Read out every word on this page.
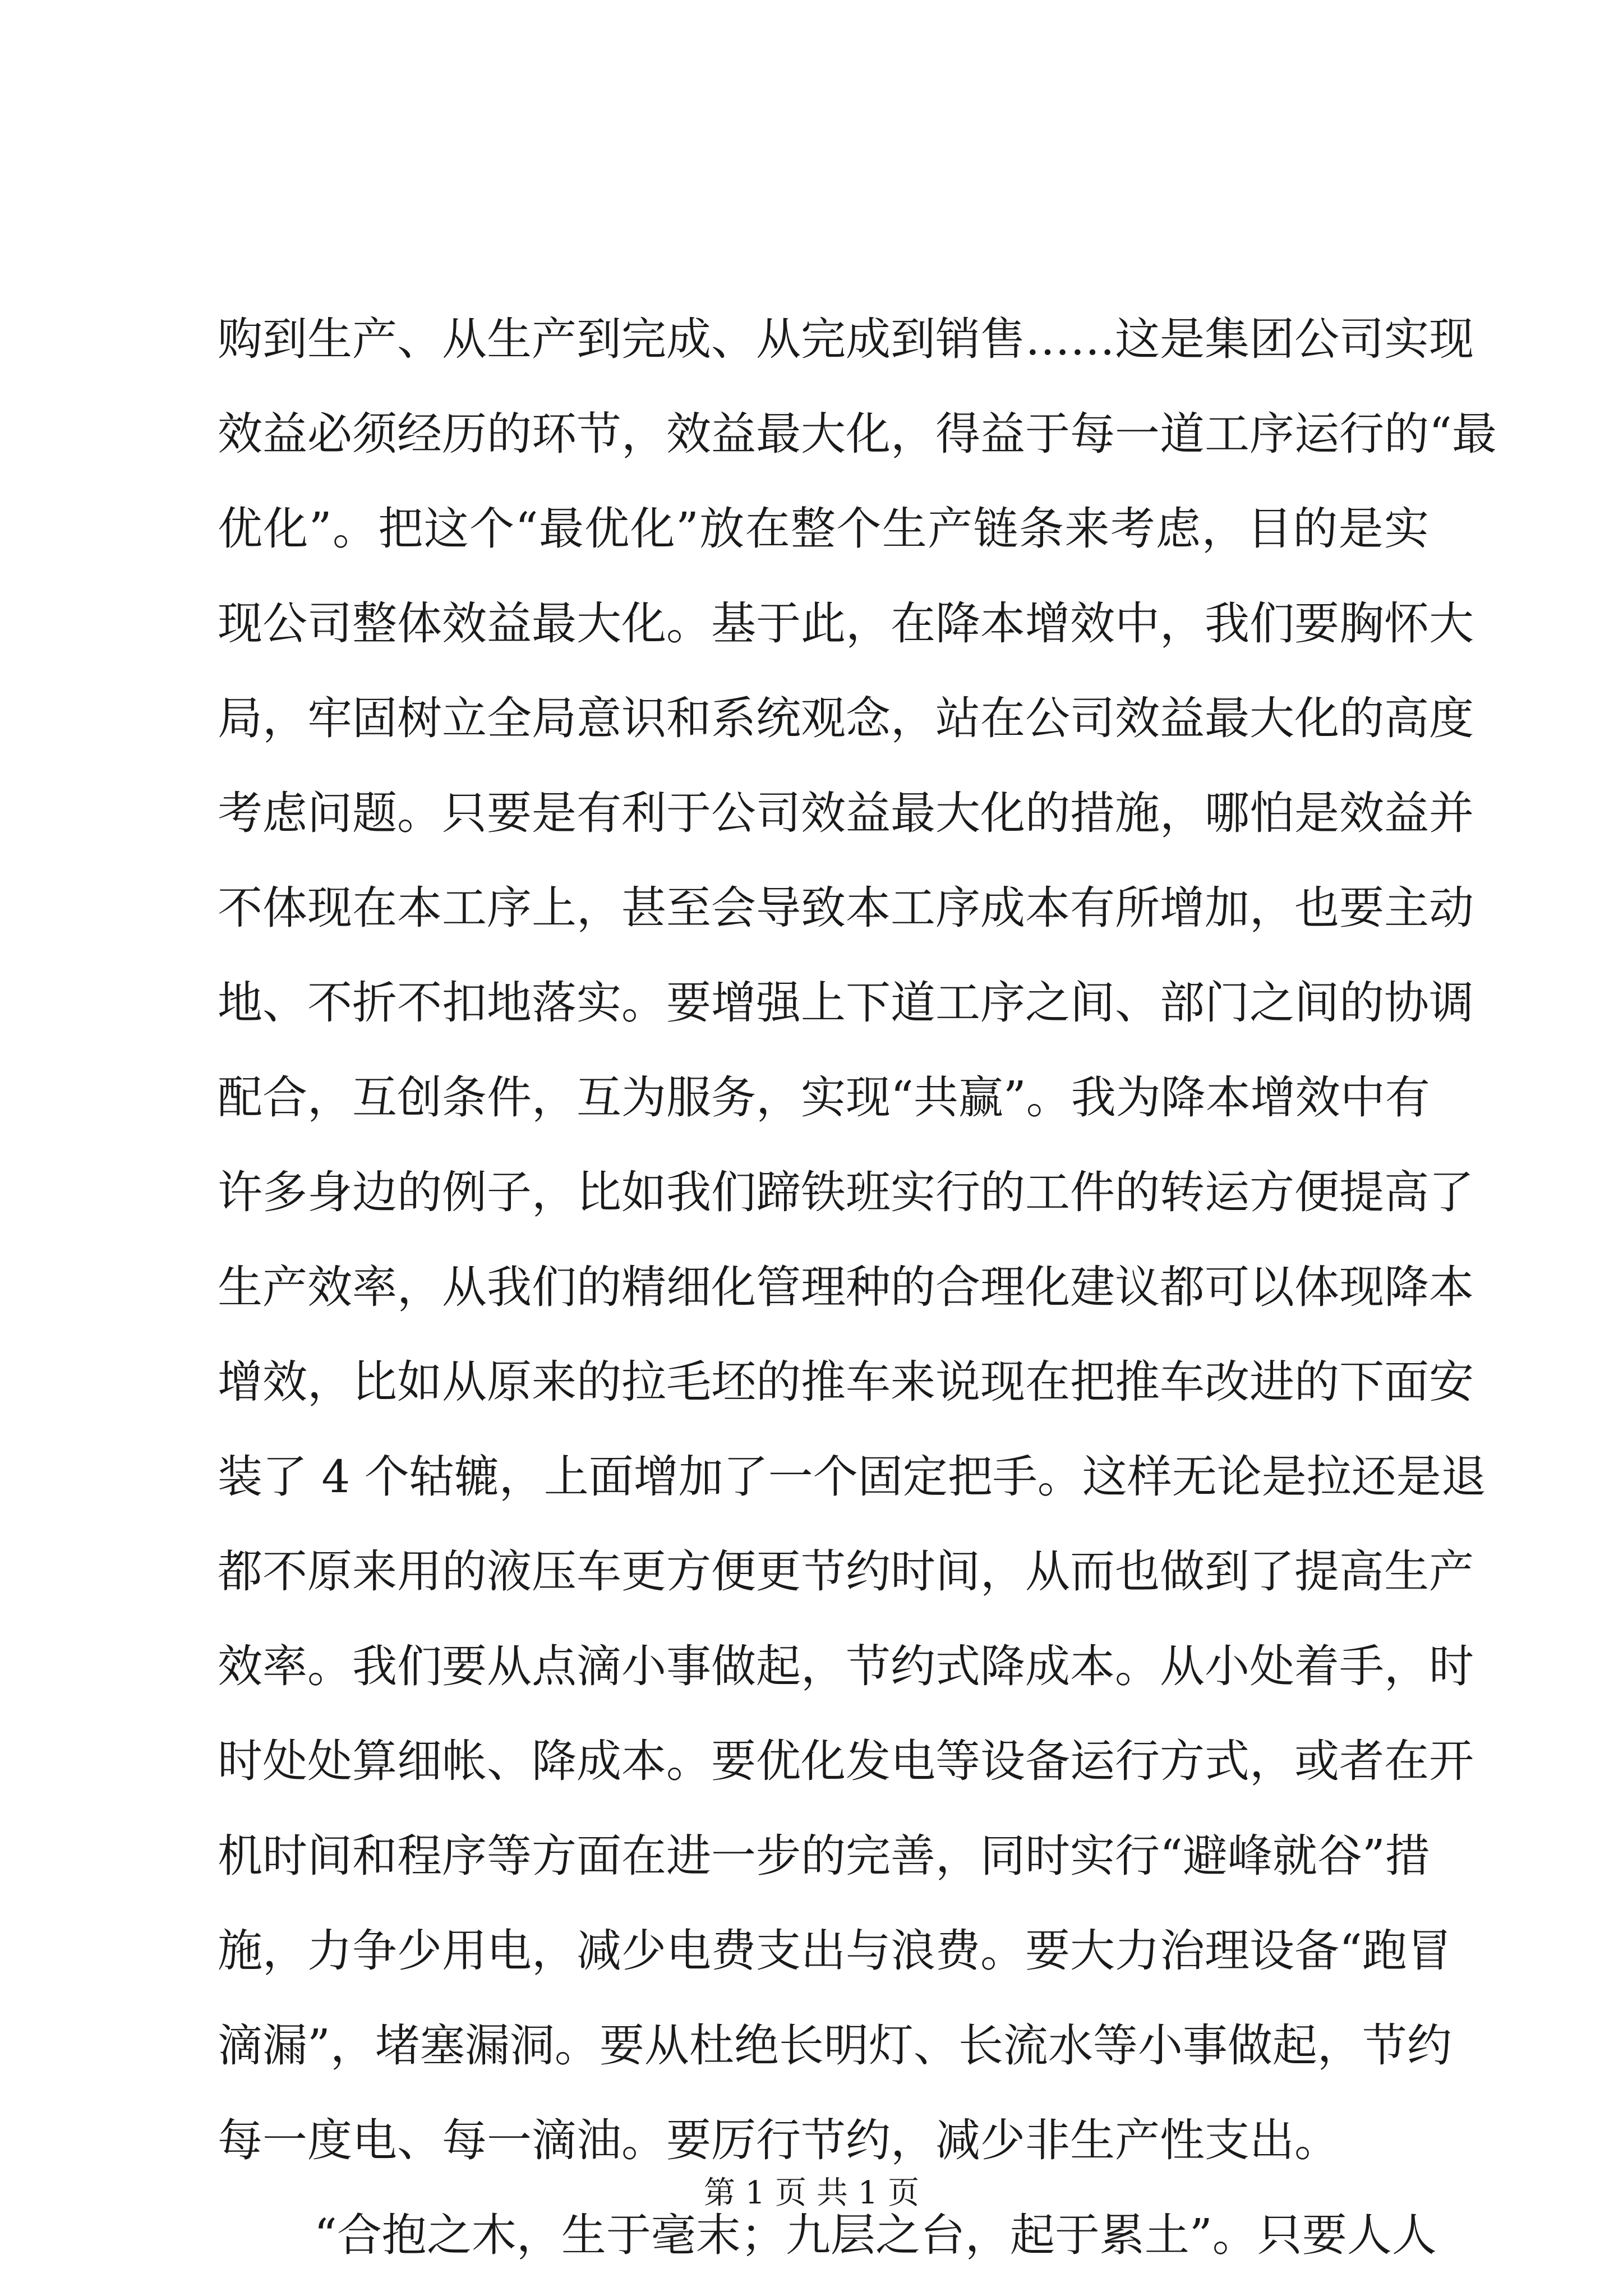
购到生产、从生产到完成、从完成到销售……这是集团公司实现
效益必须经历的环节，效益最大化，得益于每一道工序运行的“最
优化”。把这个“最优化”放在整个生产链条来考虑，目的是实
现公司整体效益最大化。基于此，在降本增效中，我们要胸怀大
局，牢固树立全局意识和系统观念，站在公司效益最大化的高度
考虑问题。只要是有利于公司效益最大化的措施，哪怕是效益并
不体现在本工序上，甚至会导致本工序成本有所增加，也要主动
地、不折不扣地落实。要增强上下道工序之间、部门之间的协调
配合，互创条件，互为服务，实现“共赢”。我为降本增效中有
许多身边的例子，比如我们蹄铁班实行的工件的转运方便提高了
生产效率，从我们的精细化管理种的合理化建议都可以体现降本
增效，比如从原来的拉毛坯的推车来说现在把推车改进的下面安
装了 4 个轱辘，上面增加了一个固定把手。这样无论是拉还是退
都不原来用的液压车更方便更节约时间，从而也做到了提高生产
效率。我们要从点滴小事做起，节约式降成本。从小处着手，时
时处处算细帐、降成本。要优化发电等设备运行方式，或者在开
机时间和程序等方面在进一步的完善，同时实行“避峰就谷”措
施，力争少用电，减少电费支出与浪费。要大力治理设备“跑冒
滴漏”，堵塞漏洞。要从杜绝长明灯、长流水等小事做起，节约
每一度电、每一滴油。要厉行节约，减少非生产性支出。
“合抱之木，生于毫末；九层之台，起于累土”。只要人人
第 1 页 共 1 页
